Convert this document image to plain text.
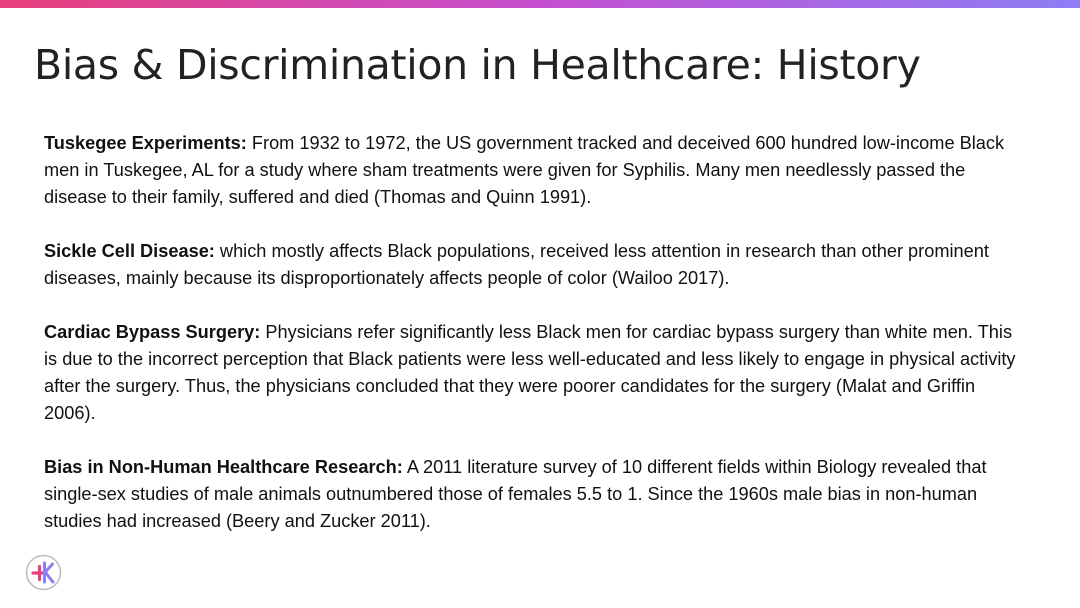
Bias & Discrimination in Healthcare: History

Tuskegee Experiments: From 1932 to 1972, the US government tracked and deceived 600 hundred low-income Black men in Tuskegee, AL for a study where sham treatments were given for Syphilis. Many men needlessly passed the disease to their family, suffered and died (Thomas and Quinn 1991).

Sickle Cell Disease: which mostly affects Black populations, received less attention in research than other prominent diseases, mainly because its disproportionately affects people of color (Wailoo 2017).

Cardiac Bypass Surgery: Physicians refer significantly less Black men for cardiac bypass surgery than white men. This is due to the incorrect perception that Black patients were less well-educated and less likely to engage in physical activity after the surgery. Thus, the physicians concluded that they were poorer candidates for the surgery (Malat and Griffin 2006).

Bias in Non-Human Healthcare Research: A 2011 literature survey of 10 different fields within Biology revealed that single-sex studies of male animals outnumbered those of females 5.5 to 1. Since the 1960s male bias in non-human studies had increased (Beery and Zucker 2011).
